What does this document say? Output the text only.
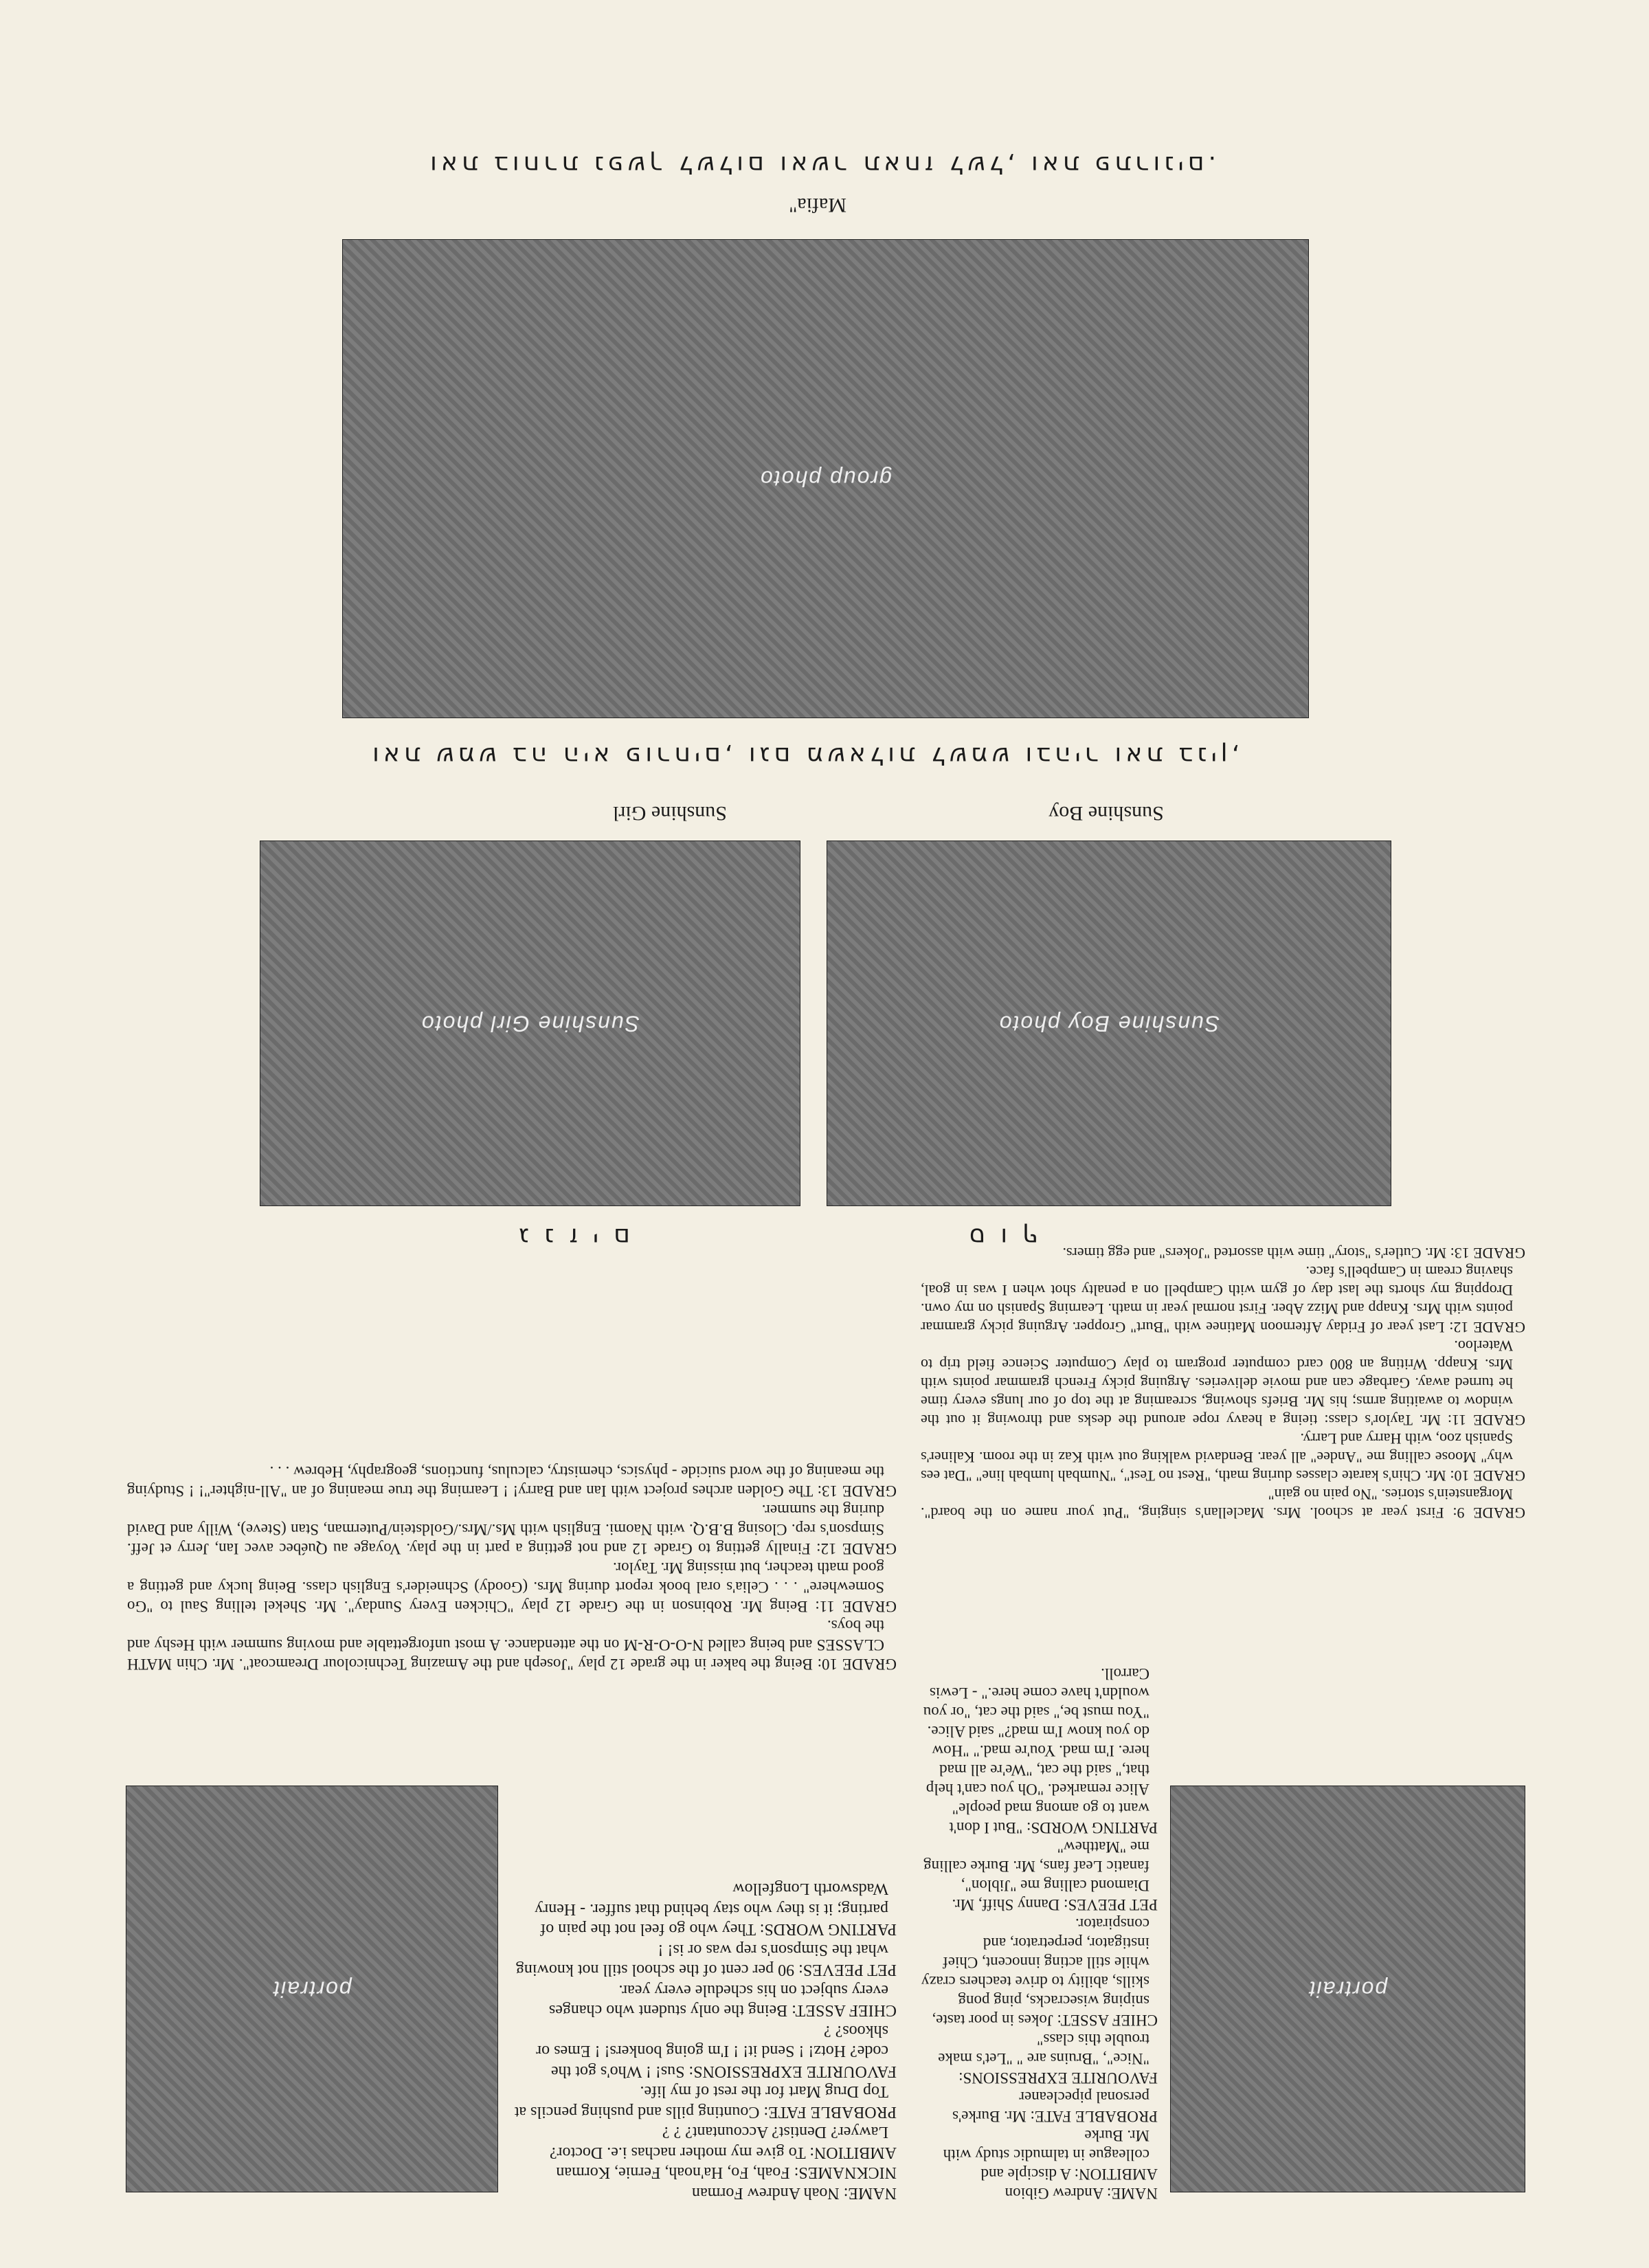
ואת בוחרת נפשך לשלום ואשר תאחז לשל, ואת פתרונים.
Mafia"
group photo
ואת שמש בה היא פורחים, וגם משאלות לשמש ובהיר ואת בנין,
Sunshine Girl	Sunshine Boy
Sunshine Girl photo	Sunshine Boy photo
גנזים	סוף
portrait

NAME: Noah Andrew Forman

NICKNAMES: Foah, Fo, Ha'noah, Fernie, Korman

AMBITION: To give my mother nachas i.e. Doctor? Lawyer? Dentist? Accountant? ? ?

PROBABLE FATE: Counting pills and pushing pencils at Top Drug Mart for the rest of my life.

FAVOURITE EXPRESSIONS: Sus! ! Who's got the code? Hotz! ! Send it! ! I'm going bonkers! ! Emes or shkoos? ?

CHIEF ASSET: Being the only student who changes every subject on his schedule every year.

PET PEEVES: 90 per cent of the school still not knowing what the Simpson's rep was or is! !

PARTING WORDS: They who go feel not the pain of parting; it is they who stay behind that suffer. - Henry Wadsworth Longfellow

GRADE 10: Being the baker in the grade 12 play "Joseph and the Amazing Technicolour Dreamcoat". Mr. Chin MATH CLASSES and being called N-O-O-R-M on the attendance. A most unforgettable and moving summer with Heshy and the boys.

GRADE 11: Being Mr. Robinson in the Grade 12 play "Chicken Every Sunday". Mr. Shekel telling Saul to "Go Somewhere" . . . Celia's oral book report during Mrs. (Goody) Schneider's English class. Being lucky and getting a good math teacher, but missing Mr. Taylor.

GRADE 12: Finally getting to Grade 12 and not getting a part in the play. Voyage au Québec avec Ian, Jerry et Jeff. Simpson's rep. Closing B.B.Q. with Naomi. English with Ms./Mrs./Goldstein/Puterman, Stan (Steve), Willy and David during the summer.

GRADE 13: The Golden arches project with Ian and Barry! ! Learning the true meaning of an "All-nighter"! ! Studying the meaning of the word suicide - physics, chemistry, calculus, functions, geography, Hebrew . . .

portrait

NAME: Andrew Gibion

AMBITION: A disciple and colleague in talmudic study with Mr. Burke

PROBABLE FATE: Mr. Burke's personal pipecleaner

FAVOURITE EXPRESSIONS: "Nice", "Bruins are " "Let's make trouble this class"

CHIEF ASSET: Jokes in poor taste, sniping wisecracks, ping pong skills, ability to drive teachers crazy while still acting innocent, Chief instigator, perpetrator, and conspirator.

PET PEEVES: Danny Shiff, Mr. Diamond calling me "Jiblon", fanatic Leaf fans, Mr. Burke calling me "Matthew"

PARTING WORDS: "But I don't want to go among mad people" Alice remarked. "Oh you can't help that," said the cat, "We're all mad here. I'm mad. You're mad." "How do you know I'm mad?" said Alice. "You must be," said the cat, "or you wouldn't have come here." - Lewis Carroll.

GRADE 9: First year at school. Mrs. Maclellan's singing, "Put your name on the board". Morganstein's stories. "No pain no gain"

GRADE 10: Mr. Chin's karate classes during math, "Rest no Test", "Numbah lumbah line" "Dat ees why" Moose calling me "Andee" all year. Bendavid walking out with Kaz in the room. Kaliner's Spanish zoo, with Harry and Larry.

GRADE 11: Mr. Taylor's class: tieing a heavy rope around the desks and throwing it out the window to awaiting arms; his Mr. Briefs showing, screaming at the top of our lungs every time he turned away. Garbage can and movie deliveries. Arguing picky French grammar points with Mrs. Knapp. Writing an 800 card computer program to play Computer Science field trip to Waterloo.

GRADE 12: Last year of Friday Afternoon Matinee with "Burt" Gropper. Arguing picky grammar points with Mrs. Knapp and Mizz Aber. First normal year in math. Learning Spanish on my own. Dropping my shorts the last day of gym with Campbell on a penalty shot when I was in goal, shaving cream in Campbell's face.

GRADE 13: Mr. Cutler's "story" time with assorted "Jokers" and egg timers.
